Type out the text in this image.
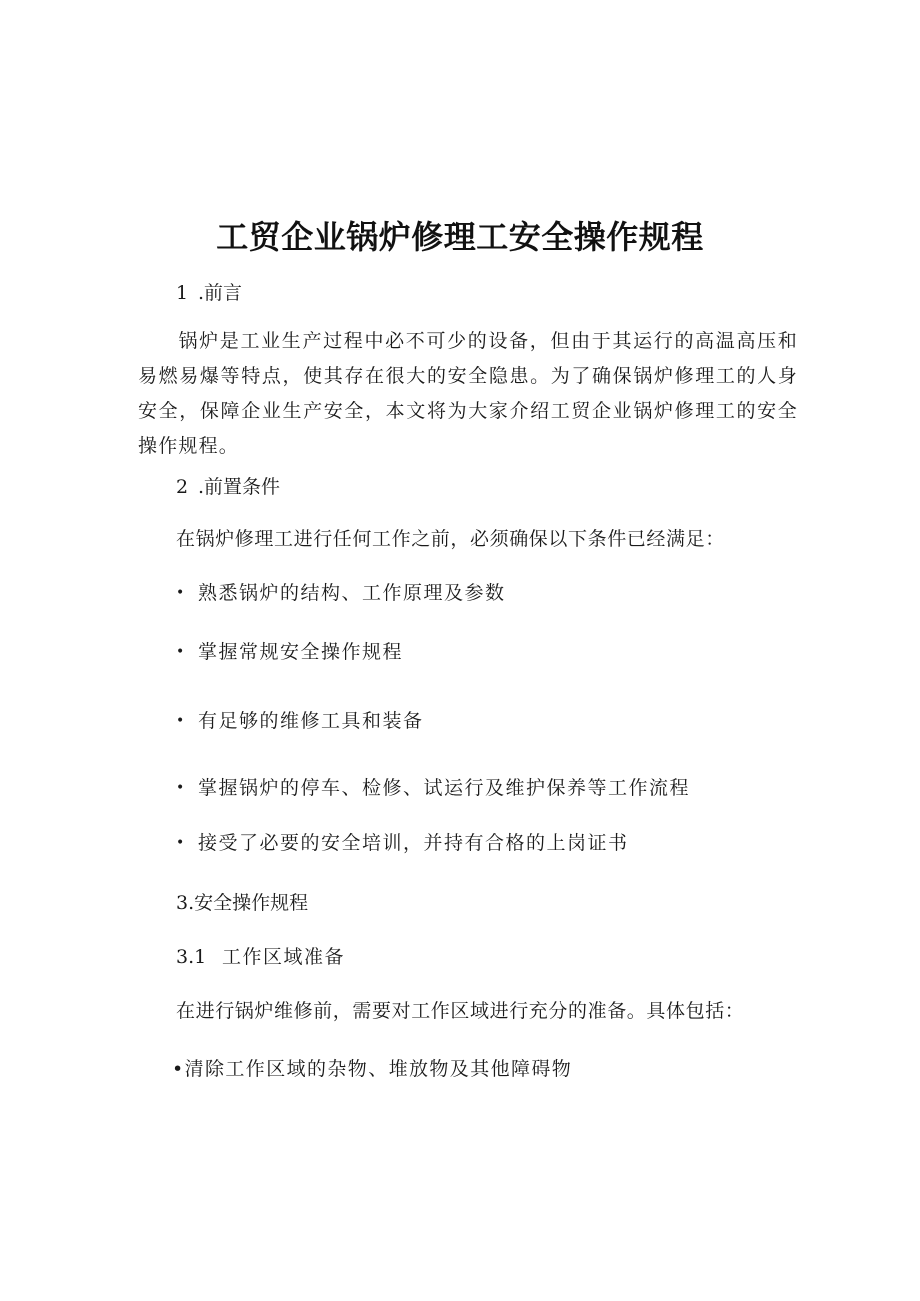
工贸企业锅炉修理工安全操作规程
1 .前言
锅炉是工业生产过程中必不可少的设备，但由于其运行的高温高压和易燃易爆等特点，使其存在很大的安全隐患。为了确保锅炉修理工的人身安全，保障企业生产安全，本文将为大家介绍工贸企业锅炉修理工的安全操作规程。
2 .前置条件
在锅炉修理工进行任何工作之前，必须确保以下条件已经满足：
• 熟悉锅炉的结构、工作原理及参数
• 掌握常规安全操作规程
• 有足够的维修工具和装备
• 掌握锅炉的停车、检修、试运行及维护保养等工作流程
• 接受了必要的安全培训，并持有合格的上岗证书
3.安全操作规程
3.1 工作区域准备
在进行锅炉维修前，需要对工作区域进行充分的准备。具体包括：
•清除工作区域的杂物、堆放物及其他障碍物
